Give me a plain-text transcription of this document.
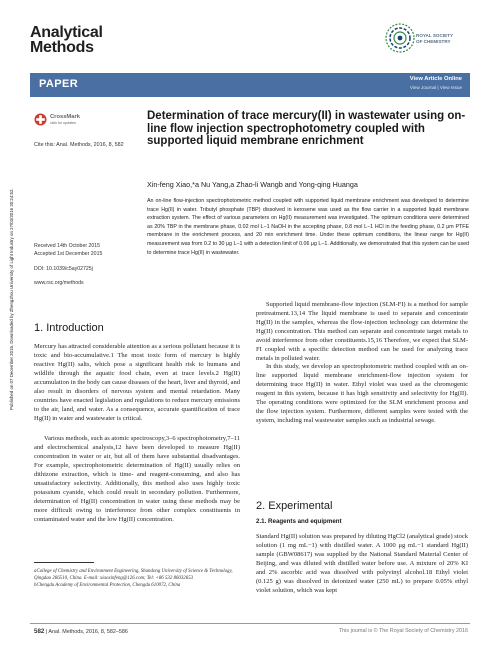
Published on 07 December 2015. Downloaded by Zhengzhou University of Light Industry on 27/03/2016 20:24:52.
Analytical
Methods
ROYAL SOCIETY
OF CHEMISTRY
PAPER	View Article Online
View Journal | View Issue
CrossMark
click for updates
Cite this: Anal. Methods, 2016, 8, 582
Determination of trace mercury(II) in wastewater using on-line flow injection spectrophotometry coupled with supported liquid membrane enrichment
Xin-feng Xiao,*a Nu Yang,a Zhao-li Wangb and Yong-qing Huanga
An on-line flow-injection spectrophotometric method coupled with supported liquid membrane enrichment was developed to determine trace Hg(II) in water. Tributyl phosphate (TBP) dissolved in kerosene was used as the flow carrier in a supported liquid membrane extraction system. The effect of various parameters on Hg(II) measurement was investigated. The optimum conditions were determined as 20% TBP in the membrane phase, 0.02 mol L−1 NaOH in the accepting phase, 0.8 mol L−1 HCl in the feeding phase, 0.2 μm PTFE membrane in the enrichment process, and 20 min enrichment time. Under these optimum conditions, the linear range for Hg(II) measurement was from 0.2 to 30 μg L−1 with a detection limit of 0.06 μg L−1. Additionally, we demonstrated that this system can be used to determine trace Hg(II) in wastewater.
Received 14th October 2015
Accepted 1st December 2015
DOI: 10.1039/c5ay02725j
www.rsc.org/methods
1. Introduction
Mercury has attracted considerable attention as a serious pollutant because it is toxic and bio-accumulative.1 The most toxic form of mercury is highly reactive Hg(II) salts, which pose a significant health risk to humans and wildlife through the aquatic food chain, even at trace levels.2 Hg(II) accumulation in the body can cause diseases of the heart, liver and thyroid, and also result in disorders of nervous system and mental retardation. Many countries have enacted legislation and regulations to reduce mercury emissions to the air, land, and water. As a consequence, accurate quantification of trace Hg(II) in water and wastewater is critical.
Various methods, such as atomic spectroscopy,3–6 spectrophotometry,7–11 and electrochemical analysis,12 have been developed to measure Hg(II) concentration in water or air, but all of them have substantial disadvantages. For example, spectrophotometric determination of Hg(II) usually relies on dithizone extraction, which is time- and reagent-consuming, and also has unsatisfactory selectivity. Additionally, this method also uses highly toxic potassium cyanide, which could result in secondary pollution. Furthermore, determination of Hg(II) concentration in water using these methods may be more difficult owing to interference from other complex constituents in contaminated water and the low Hg(II) concentration.
aCollege of Chemistry and Environment Engineering, Shandong University of Science & Technology, Qingdao 266510, China. E-mail: xiaoxinfeng@126.com; Tel: +86 532 86032653
bChengdu Academy of Environmental Protection, Chengdu 610072, China
Supported liquid membrane-flow injection (SLM-FI) is a method for sample pretreatment.13,14 The liquid membrane is used to separate and concentrate Hg(II) in the samples, whereas the flow-injection technology can determine the Hg(II) concentration. This method can separate and concentrate target metals to avoid interference from other constituents.15,16 Therefore, we expect that SLM-FI coupled with a specific detection method can be used for analyzing trace metals in polluted water.
In this study, we develop an spectrophotometric method coupled with an on-line supported liquid membrane enrichment-flow injection system for determining trace Hg(II) in water. Ethyl violet was used as the chromogenic reagent in this system, because it has high sensitivity and selectivity for Hg(II). The operating conditions were optimized for the SLM enrichment process and the flow injection system. Furthermore, different samples were tested with the system, including real wastewater samples such as industrial sewage.
2. Experimental
2.1. Reagents and equipment
Standard Hg(II) solution was prepared by diluting HgCl2 (analytical grade) stock solution (1 mg mL−1) with distilled water. A 1000 μg mL−1 standard Hg(II) sample (GBW08617) was supplied by the National Standard Material Center of Beijing, and was diluted with distilled water before use. A mixture of 20% KI and 2% ascorbic acid was dissolved with polyvinyl alcohol.18 Ethyl violet (0.125 g) was dissolved in deionized water (250 mL) to prepare 0.05% ethyl violet solution, which was kept
582 | Anal. Methods, 2016, 8, 582–586	This journal is © The Royal Society of Chemistry 2016
